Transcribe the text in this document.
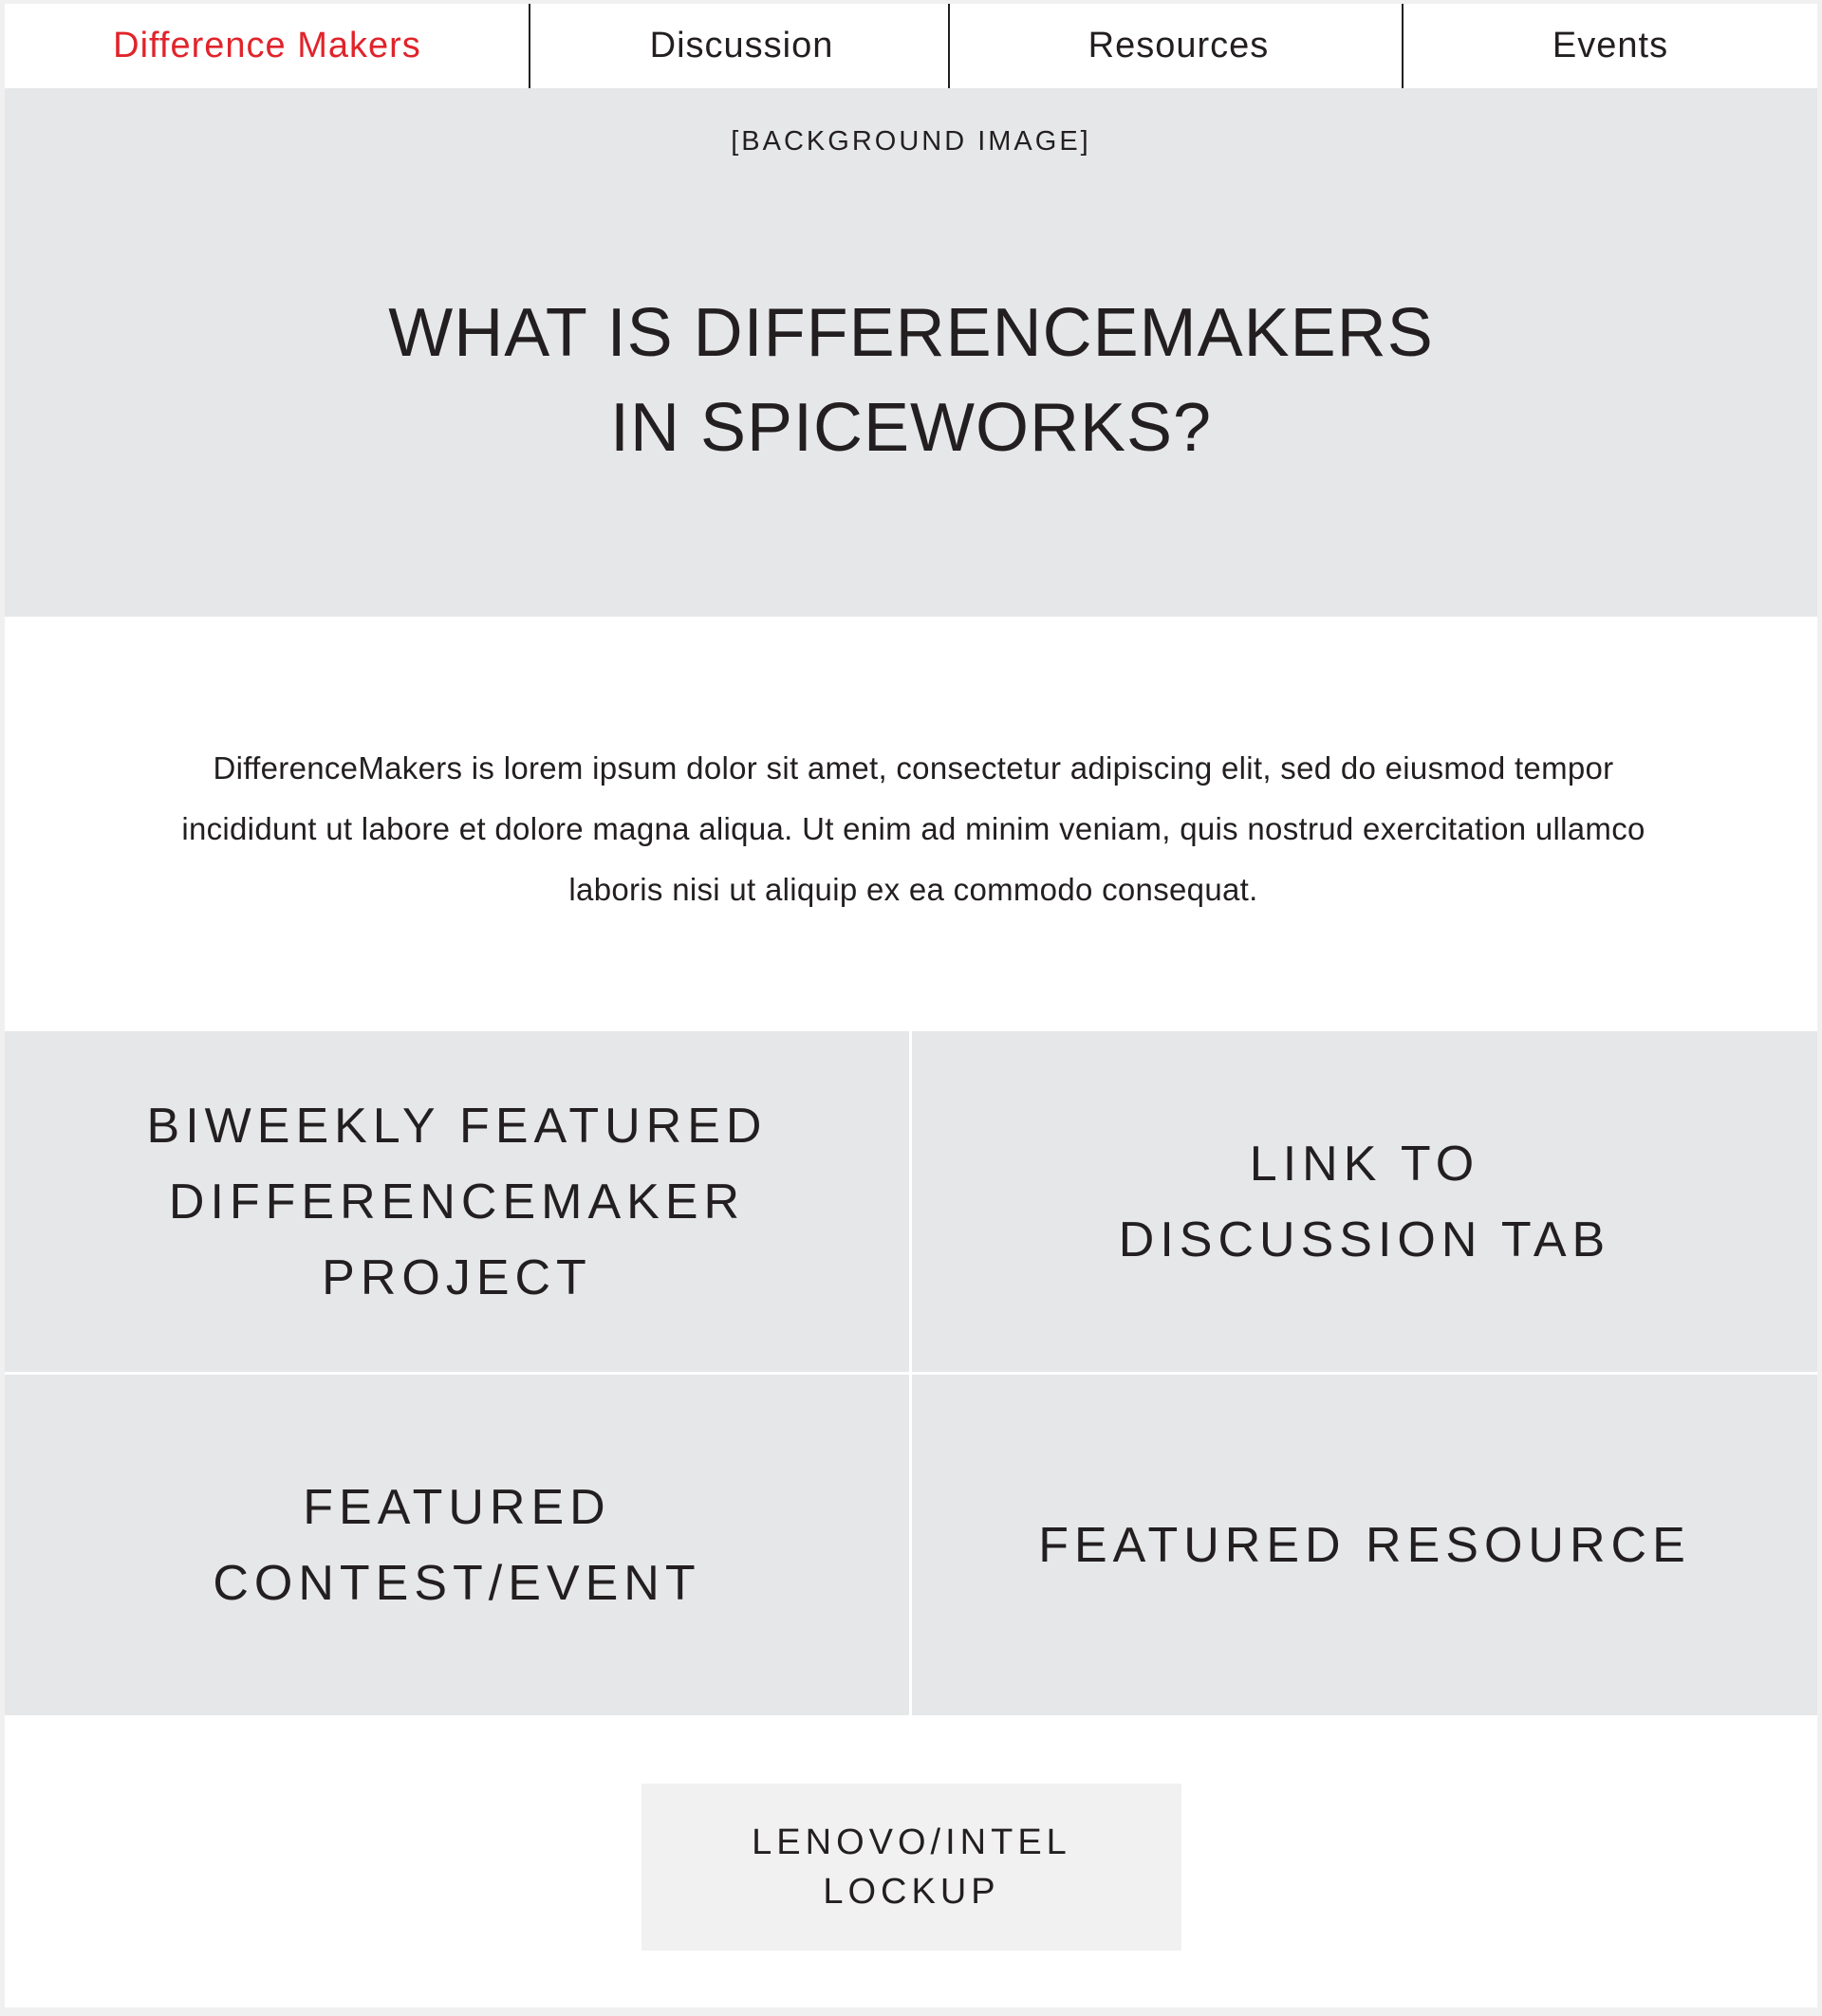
Difference Makers	Discussion	Resources	Events
[BACKGROUND IMAGE]
WHAT IS DIFFERENCEMAKERS
IN SPICEWORKS?

DifferenceMakers is lorem ipsum dolor sit amet, consectetur adipiscing elit, sed do eiusmod tempor incididunt ut labore et dolore magna aliqua. Ut enim ad minim veniam, quis nostrud exercitation ullamco laboris nisi ut aliquip ex ea commodo consequat.

BIWEEKLY FEATURED
DIFFERENCEMAKER
PROJECT
LINK TO
DISCUSSION TAB
FEATURED
CONTEST/EVENT
FEATURED RESOURCE
LENOVO/INTEL
LOCKUP
